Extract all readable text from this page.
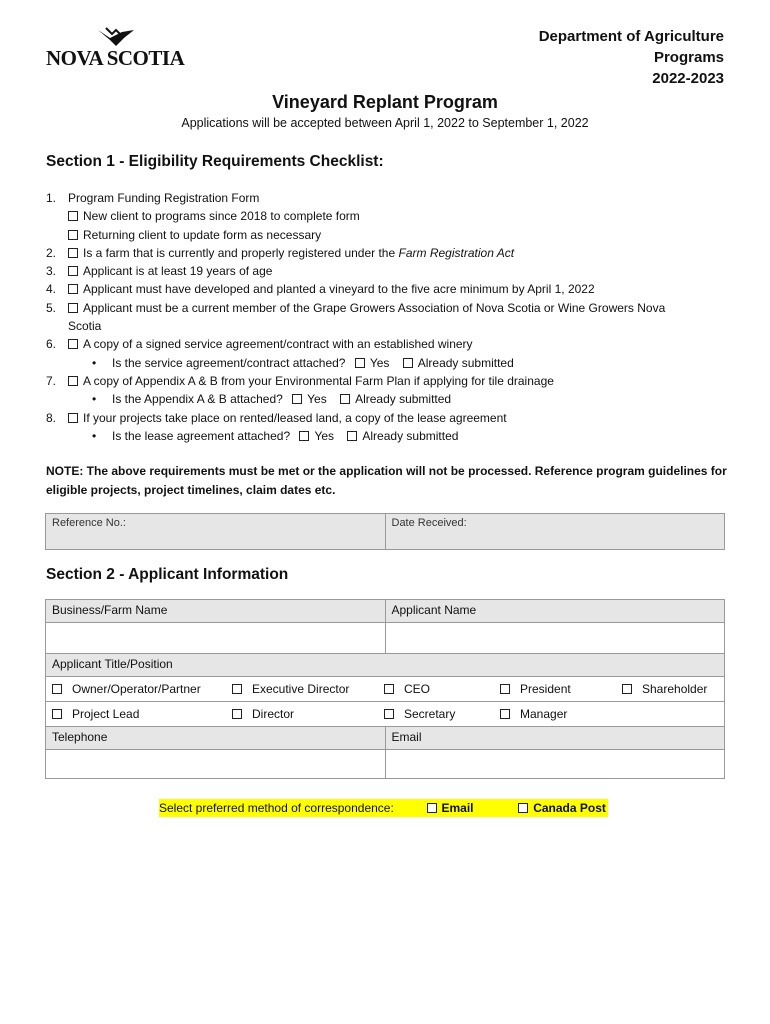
NOVA SCOTIA
Department of Agriculture
Programs
2022-2023
Vineyard Replant Program
Applications will be accepted between April 1, 2022 to September 1, 2022
Section 1 - Eligibility Requirements Checklist:
1. Program Funding Registration Form
New client to programs since 2018 to complete form
Returning client to update form as necessary
2.	Is a farm that is currently and properly registered under the Farm Registration Act
3.	Applicant is at least 19 years of age
4.	Applicant must have developed and planted a vineyard to the five acre minimum by April 1, 2022
5.	Applicant must be a current member of the Grape Growers Association of Nova Scotia or Wine Growers Nova
Scotia
6.	A copy of a signed service agreement/contract with an established winery
• Is the service agreement/contract attached? Yes Already submitted
7.	A copy of Appendix A & B from your Environmental Farm Plan if applying for tile drainage
• Is the Appendix A & B attached? Yes Already submitted
8.	If your projects take place on rented/leased land, a copy of the lease agreement
• Is the lease agreement attached? Yes Already submitted
NOTE: The above requirements must be met or the application will not be processed. Reference program guidelines for eligible projects, project timelines, claim dates etc.
Reference No.:	Date Received:
Section 2 - Applicant Information
Business/Farm Name	Applicant Name
Applicant Title/Position
Owner/Operator/Partner	Executive Director	CEO	President	Shareholder
Project Lead	Director	Secretary	Manager
Telephone	Email
Select preferred method of correspondence:	Email	Canada Post
